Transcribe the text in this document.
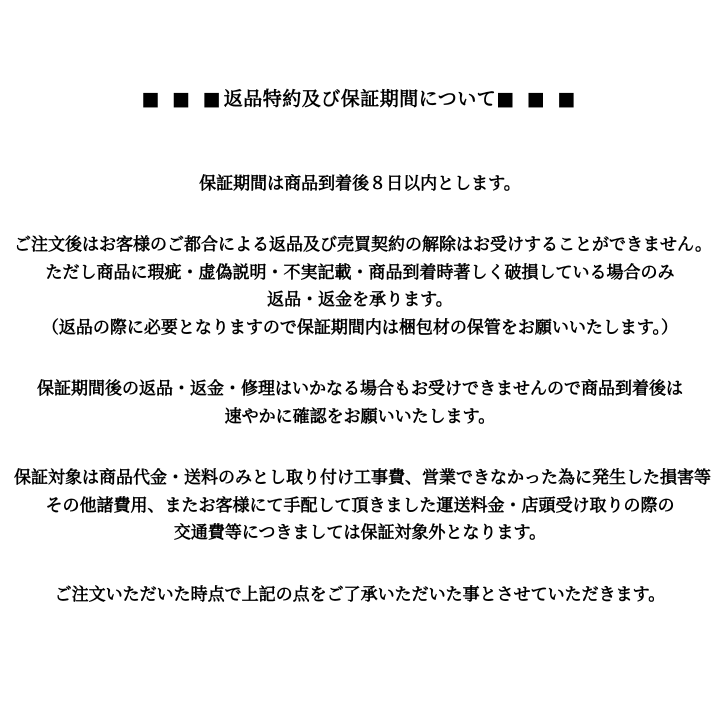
■ ■ ■返品特約及び保証期間について■ ■ ■
保証期間は商品到着後８日以内とします。
ご注文後はお客様のご都合による返品及び売買契約の解除はお受けすることができません。
ただし商品に瑕疵・虚偽説明・不実記載・商品到着時著しく破損している場合のみ
返品・返金を承ります。
（返品の際に必要となりますので保証期間内は梱包材の保管をお願いいたします。）
保証期間後の返品・返金・修理はいかなる場合もお受けできませんので商品到着後は
速やかに確認をお願いいたします。
保証対象は商品代金・送料のみとし取り付け工事費、営業できなかった為に発生した損害等
その他諸費用、またお客様にて手配して頂きました運送料金・店頭受け取りの際の
交通費等につきましては保証対象外となります。
ご注文いただいた時点で上記の点をご了承いただいた事とさせていただきます。
